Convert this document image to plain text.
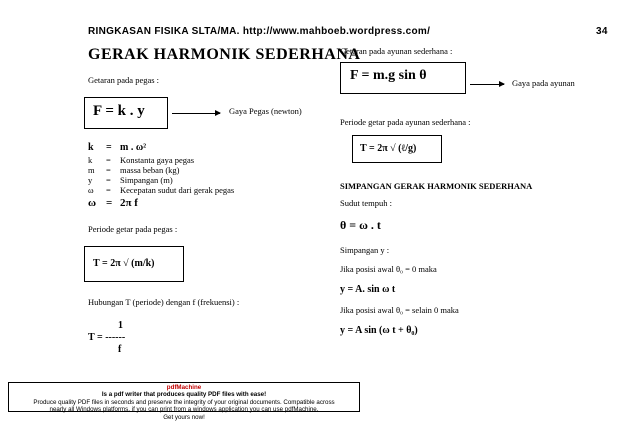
RINGKASAN FISIKA SLTA/MA. http://www.mahboeb.wordpress.com/	34
GERAK HARMONIK SEDERHANA
Getaran pada pegas :
F = k . y	Gaya Pegas (newton)
k = m . ω²
k	=	Konstanta gaya pegas
m	=	massa beban (kg)
y	=	Simpangan (m)
ω	=	Kecepatan sudut dari gerak pegas
ω = 2π f
Periode getar pada pegas :
T = 2π √ (m/k)
Hubungan T (periode) dengan f (frekuensi) :
1
T = ------
f
Getaran pada ayunan sederhana :
F = m.g sin θ	Gaya pada ayunan
Periode getar pada ayunan sederhana :
T = 2π √ (ℓ/g)
SIMPANGAN GERAK HARMONIK SEDERHANA
Sudut tempuh :
θ = ω . t
Simpangan y :
Jika posisi awal θ₀ = 0 maka
y = A. sin ω t
Jika posisi awal θ₀ = selain 0 maka
y = A sin (ω t + θ₀)
pdfMachine
Is a pdf writer that produces quality PDF files with ease!
Produce quality PDF files in seconds and preserve the integrity of your original documents. Compatible across
nearly all Windows platforms, if you can print from a windows application you can use pdfMachine.
Get yours now!
